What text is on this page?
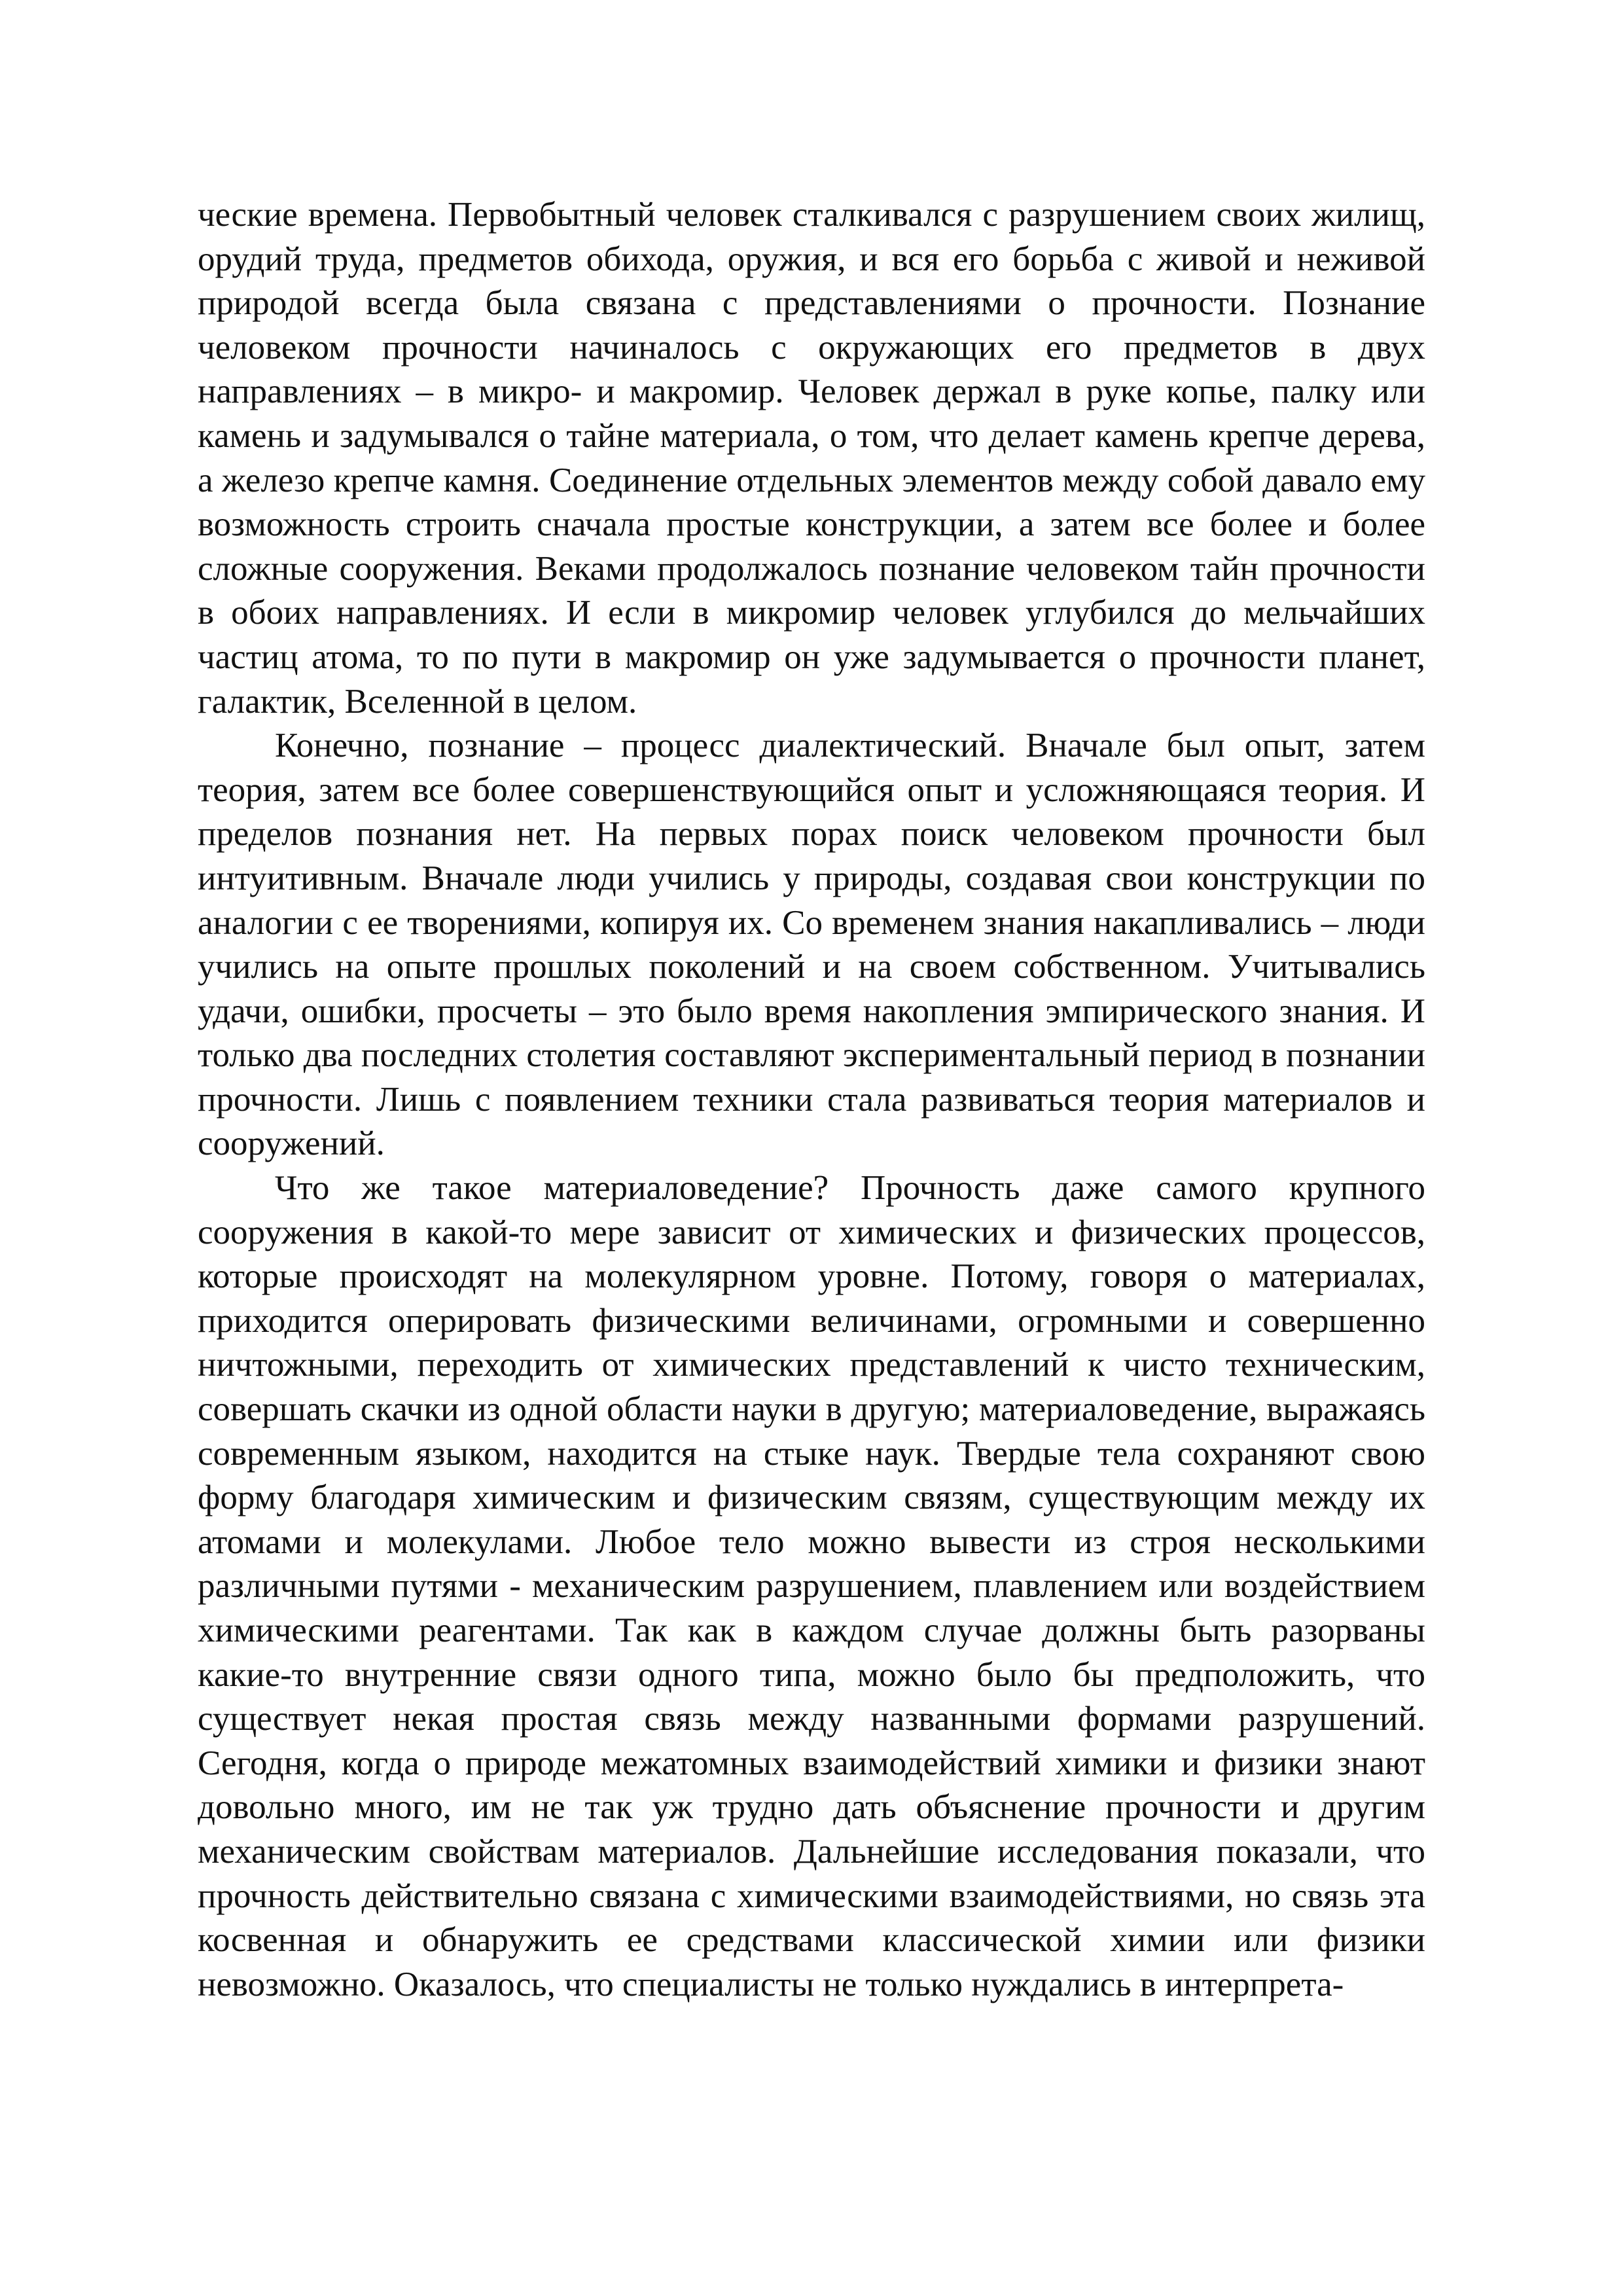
ческие времена. Первобытный человек сталкивался с разрушением своих жилищ, орудий труда, предметов обихода, оружия, и вся его борьба с живой и неживой природой всегда была связана с представлениями о прочности. Познание человеком прочности начиналось с окружающих его предметов в двух направлениях – в микро- и макромир. Человек держал в руке копье, палку или камень и задумывался о тайне материала, о том, что делает камень крепче дерева, а железо крепче камня. Соединение отдельных элементов между собой давало ему возможность строить сначала простые конструкции, а затем все более и более сложные сооружения. Веками продолжалось познание человеком тайн прочности в обоих направлениях. И если в микромир человек углубился до мельчайших частиц атома, то по пути в макромир он уже задумывается о прочности планет, галактик, Вселенной в целом.

Конечно, познание – процесс диалектический. Вначале был опыт, затем теория, затем все более совершенствующийся опыт и усложняющаяся теория. И пределов познания нет. На первых порах поиск человеком прочности был интуитивным. Вначале люди учились у природы, создавая свои конструкции по аналогии с ее творениями, копируя их. Со временем знания накапливались – люди учились на опыте прошлых поколений и на своем собственном. Учитывались удачи, ошибки, просчеты – это было время накопления эмпирического знания. И только два последних столетия составляют экспериментальный период в познании прочности. Лишь с появлением техники стала развиваться теория материалов и сооружений.

Что же такое материаловедение? Прочность даже самого крупного сооружения в какой-то мере зависит от химических и физических процессов, которые происходят на молекулярном уровне. Потому, говоря о материалах, приходится оперировать физическими величинами, огромными и совершенно ничтожными, переходить от химических представлений к чисто техническим, совершать скачки из одной области науки в другую; материаловедение, выражаясь современным языком, находится на стыке наук. Твердые тела сохраняют свою форму благодаря химическим и физическим связям, существующим между их атомами и молекулами. Любое тело можно вывести из строя несколькими различными путями - механическим разрушением, плавлением или воздействием химическими реагентами. Так как в каждом случае должны быть разорваны какие-то внутренние связи одного типа, можно было бы предположить, что существует некая простая связь между названными формами разрушений. Сегодня, когда о природе межатомных взаимодействий химики и физики знают довольно много, им не так уж трудно дать объяснение прочности и другим механическим свойствам материалов. Дальнейшие исследования показали, что прочность действительно связана с химическими взаимодействиями, но связь эта косвенная и обнаружить ее средствами классической химии или физики невозможно. Оказалось, что специалисты не только нуждались в интерпрета-
